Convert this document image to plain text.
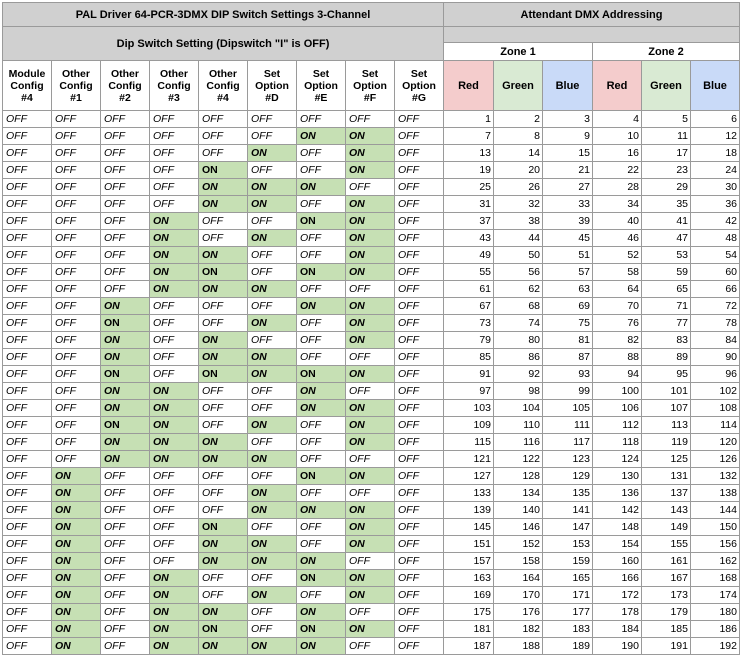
PAL Driver 64-PCR-3DMX DIP Switch Settings 3-Channel									Attendant DMX Addressing					
Dip Switch Setting (Dipswitch "I" is OFF)														
									Zone 1			Zone 2		
Module
Config
#4	Other
Config
#1	Other
Config
#2	Other
Config
#3	Other
Config
#4	Set
Option
#D	Set
Option
#E	Set
Option
#F	Set
Option
#G	Red	Green	Blue	Red	Green	Blue
OFF	OFF	OFF	OFF	OFF	OFF	OFF	OFF	OFF	1	2	3	4	5	6
OFF	OFF	OFF	OFF	OFF	OFF	ON	ON	OFF	7	8	9	10	11	12
OFF	OFF	OFF	OFF	OFF	ON	OFF	ON	OFF	13	14	15	16	17	18
OFF	OFF	OFF	OFF	ON	OFF	OFF	ON	OFF	19	20	21	22	23	24
OFF	OFF	OFF	OFF	ON	ON	ON	OFF	OFF	25	26	27	28	29	30
OFF	OFF	OFF	OFF	ON	ON	OFF	ON	OFF	31	32	33	34	35	36
OFF	OFF	OFF	ON	OFF	OFF	ON	ON	OFF	37	38	39	40	41	42
OFF	OFF	OFF	ON	OFF	ON	OFF	ON	OFF	43	44	45	46	47	48
OFF	OFF	OFF	ON	ON	OFF	OFF	ON	OFF	49	50	51	52	53	54
OFF	OFF	OFF	ON	ON	OFF	ON	ON	OFF	55	56	57	58	59	60
OFF	OFF	OFF	ON	ON	ON	OFF	OFF	OFF	61	62	63	64	65	66
OFF	OFF	ON	OFF	OFF	OFF	ON	ON	OFF	67	68	69	70	71	72
OFF	OFF	ON	OFF	OFF	ON	OFF	ON	OFF	73	74	75	76	77	78
OFF	OFF	ON	OFF	ON	OFF	OFF	ON	OFF	79	80	81	82	83	84
OFF	OFF	ON	OFF	ON	ON	OFF	OFF	OFF	85	86	87	88	89	90
OFF	OFF	ON	OFF	ON	ON	ON	ON	OFF	91	92	93	94	95	96
OFF	OFF	ON	ON	OFF	OFF	ON	OFF	OFF	97	98	99	100	101	102
OFF	OFF	ON	ON	OFF	OFF	ON	ON	OFF	103	104	105	106	107	108
OFF	OFF	ON	ON	OFF	ON	OFF	ON	OFF	109	110	111	112	113	114
OFF	OFF	ON	ON	ON	OFF	OFF	ON	OFF	115	116	117	118	119	120
OFF	OFF	ON	ON	ON	ON	OFF	OFF	OFF	121	122	123	124	125	126
OFF	ON	OFF	OFF	OFF	OFF	ON	ON	OFF	127	128	129	130	131	132
OFF	ON	OFF	OFF	OFF	ON	OFF	OFF	OFF	133	134	135	136	137	138
OFF	ON	OFF	OFF	OFF	ON	ON	ON	OFF	139	140	141	142	143	144
OFF	ON	OFF	OFF	ON	OFF	OFF	ON	OFF	145	146	147	148	149	150
OFF	ON	OFF	OFF	ON	ON	OFF	ON	OFF	151	152	153	154	155	156
OFF	ON	OFF	OFF	ON	ON	ON	OFF	OFF	157	158	159	160	161	162
OFF	ON	OFF	ON	OFF	OFF	ON	ON	OFF	163	164	165	166	167	168
OFF	ON	OFF	ON	OFF	ON	OFF	ON	OFF	169	170	171	172	173	174
OFF	ON	OFF	ON	ON	OFF	ON	OFF	OFF	175	176	177	178	179	180
OFF	ON	OFF	ON	ON	OFF	ON	ON	OFF	181	182	183	184	185	186
OFF	ON	OFF	ON	ON	ON	ON	OFF	OFF	187	188	189	190	191	192
